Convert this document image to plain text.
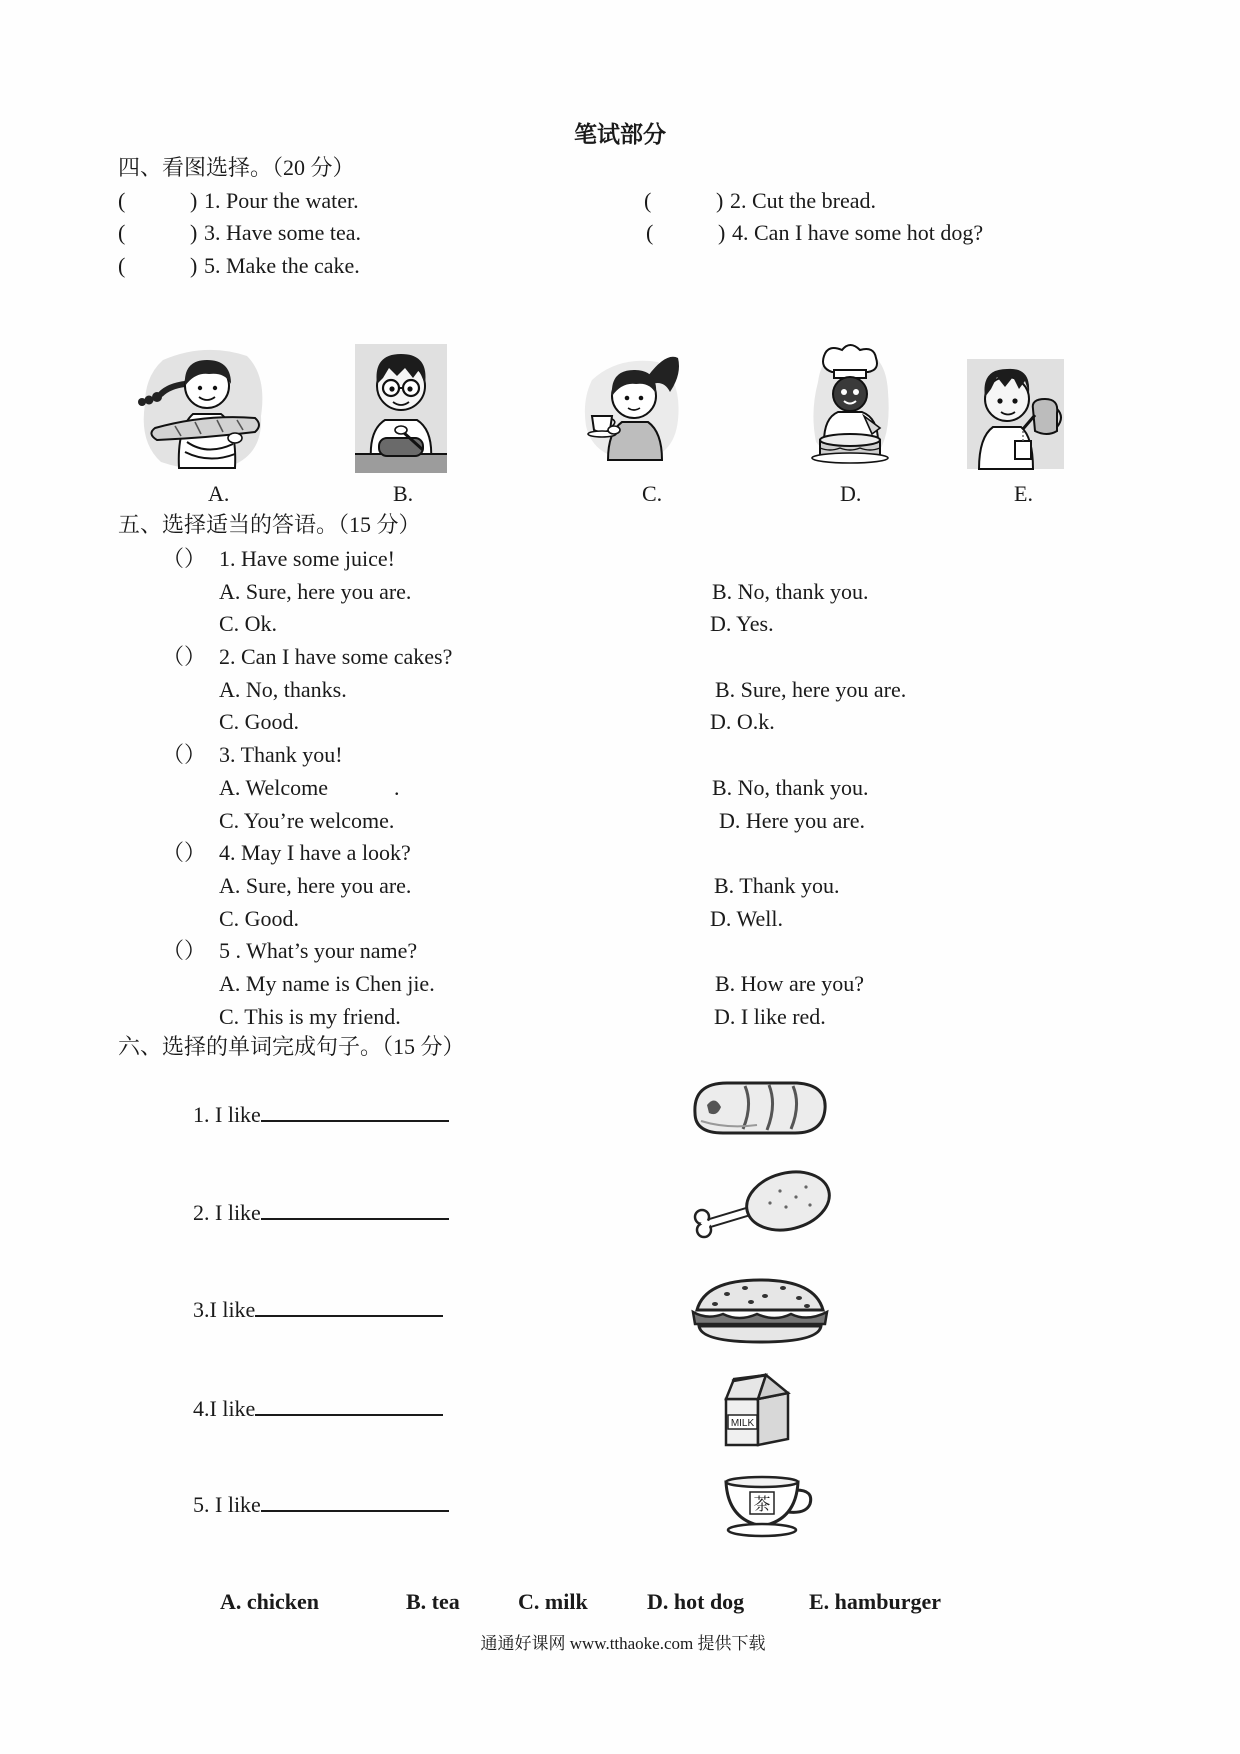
笔试部分
四、看图选择。（20 分）
(	) 1. Pour the water.	(	) 2. Cut the bread.
(	) 3. Have some tea.	(	) 4. Can I have some hot dog?
(	) 5. Make the cake.
A.	B.	C.	D.	E.
五、选择适当的答语。（15 分）
（ ） 1. Have some juice!
A. Sure, here you are.	B. No, thank you.
C. Ok.	D. Yes.
（ ） 2. Can I have some cakes?
A. No, thanks.	B. Sure, here you are.
C. Good.	D. O.k.
（ ） 3. Thank you!
A. Welcome            .	B. No, thank you.
C. You’re welcome.	D. Here you are.
（ ） 4. May I have a look?
A. Sure, here you are.	B. Thank you.
C. Good.	D. Well.
（ ） 5 . What’s your name?
A. My name is Chen jie.	B. How are you?
C. This is my friend.	D. I like red.
六、选择的单词完成句子。（15 分）
1. I like
2. I like
3.I like
4.I like
5. I like
MILK
茶
A. chicken	B. tea	C. milk	D. hot dog	E. hamburger
通通好课网 www.tthaoke.com 提供下载
